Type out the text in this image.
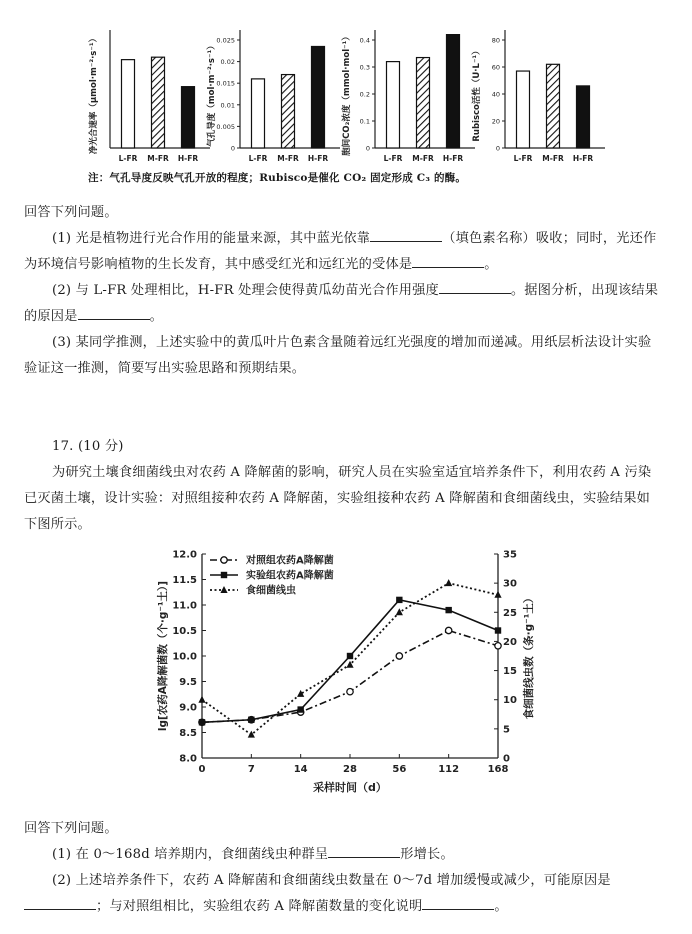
净光合速率（μmol·m⁻²·s⁻¹）
L-FR M-FR H-FR
0.025
0.02
0.015
0.01
0.005
0
气孔导度（mol·m⁻²·s⁻¹）
L-FR M-FR H-FR
0.4
0.3
0.2
0.1
0
胞间CO₂浓度（mmol·mol⁻¹）
L-FR M-FR H-FR
80
60
40
20
0
Rubisco活性（U·L⁻¹）
L-FR M-FR H-FR
注：气孔导度反映气孔开放的程度；Rubisco是催化 CO₂ 固定形成 C₃ 的酶。
回答下列问题。
(1) 光是植物进行光合作用的能量来源，其中蓝光依靠	（填色素名称）吸收；同时，光还作为环境信号影响植物的生长发育，其中感受红光和远红光的受体是	。
(2) 与 L-FR 处理相比，H-FR 处理会使得黄瓜幼苗光合作用强度	。据图分析，出现该结果的原因是	。
(3) 某同学推测，上述实验中的黄瓜叶片色素含量随着远红光强度的增加而递减。用纸层析法设计实验验证这一推测，简要写出实验思路和预期结果。
17. (10 分)
为研究土壤食细菌线虫对农药 A 降解菌的影响，研究人员在实验室适宜培养条件下，利用农药 A 污染已灭菌土壤，设计实验：对照组接种农药 A 降解菌，实验组接种农药 A 降解菌和食细菌线虫，实验结果如下图所示。
12.0
11.5
11.0
10.5
10.0
9.5
9.0
8.5
8.0
35
30
25
20
15
10
5
0
0	7	14	28	56	112	168
采样时间（d）
lg[农药A降解菌数（个·g⁻¹土）]	食细菌线虫数（条·g⁻¹土）
对照组农药A降解菌
实验组农药A降解菌
食细菌线虫
回答下列问题。
(1) 在 0～168d 培养期内，食细菌线虫种群呈	形增长。
(2) 上述培养条件下，农药 A 降解菌和食细菌线虫数量在 0～7d 增加缓慢或减少，可能原因是；与对照组相比，实验组农药 A 降解菌数量的变化说明	。
